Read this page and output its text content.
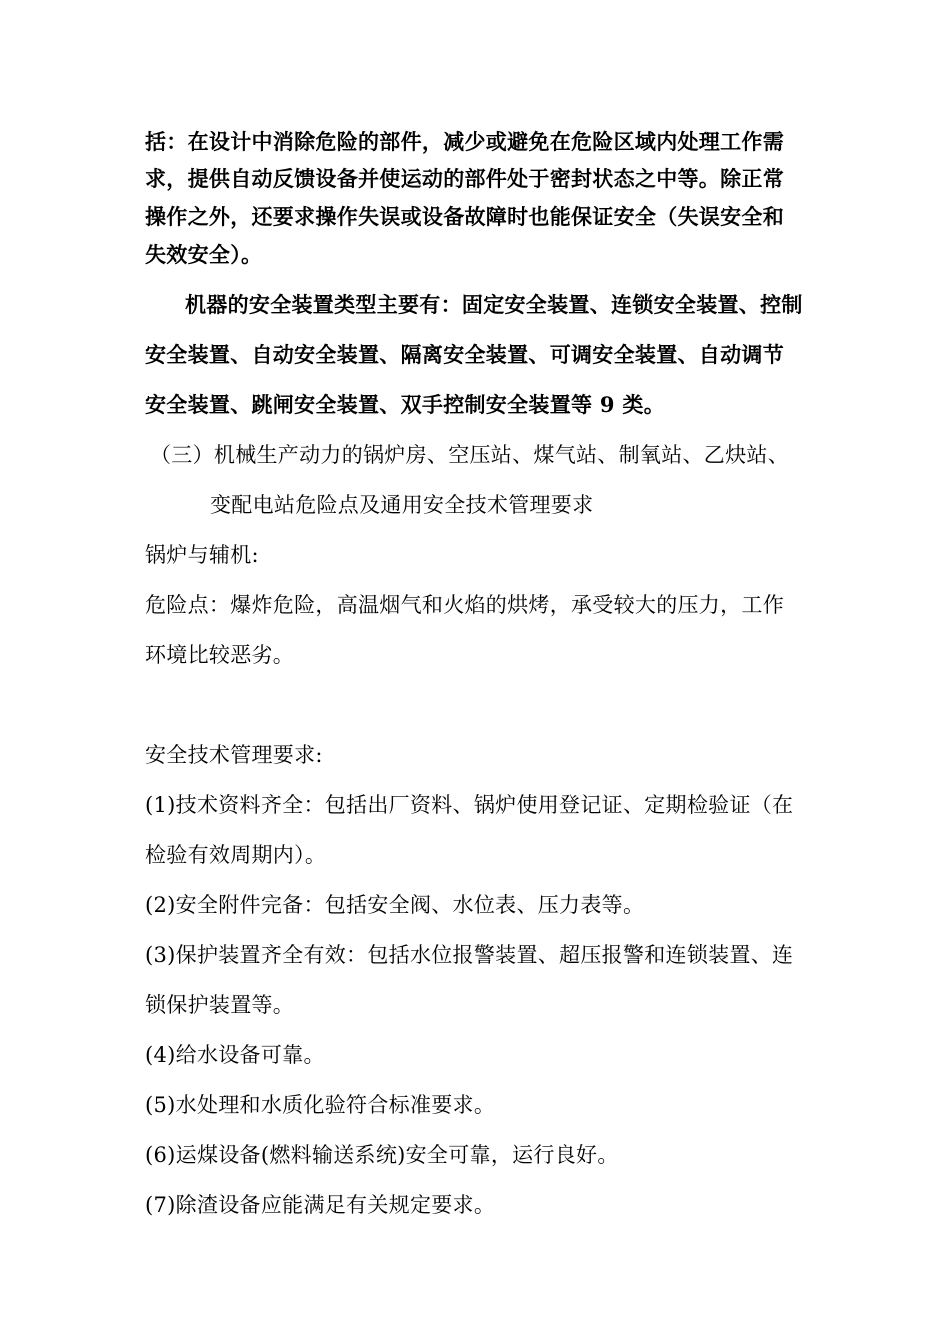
括：在设计中消除危险的部件，减少或避免在危险区域内处理工作需
求，提供自动反馈设备并使运动的部件处于密封状态之中等。除正常
操作之外，还要求操作失误或设备故障时也能保证安全（失误安全和
失效安全）。
机器的安全装置类型主要有：固定安全装置、连锁安全装置、控制
安全装置、自动安全装置、隔离安全装置、可调安全装置、自动调节
安全装置、跳闸安全装置、双手控制安全装置等 9 类。
（三）机械生产动力的锅炉房、空压站、煤气站、制氧站、乙炔站、
变配电站危险点及通用安全技术管理要求
锅炉与辅机:
危险点：爆炸危险，高温烟气和火焰的烘烤，承受较大的压力，工作
环境比较恶劣。
安全技术管理要求:
(1)技术资料齐全：包括出厂资料、锅炉使用登记证、定期检验证（在
检验有效周期内）。
(2)安全附件完备：包括安全阀、水位表、压力表等。
(3)保护装置齐全有效：包括水位报警装置、超压报警和连锁装置、连
锁保护装置等。
(4)给水设备可靠。
(5)水处理和水质化验符合标准要求。
(6)运煤设备(燃料输送系统)安全可靠，运行良好。
(7)除渣设备应能满足有关规定要求。
